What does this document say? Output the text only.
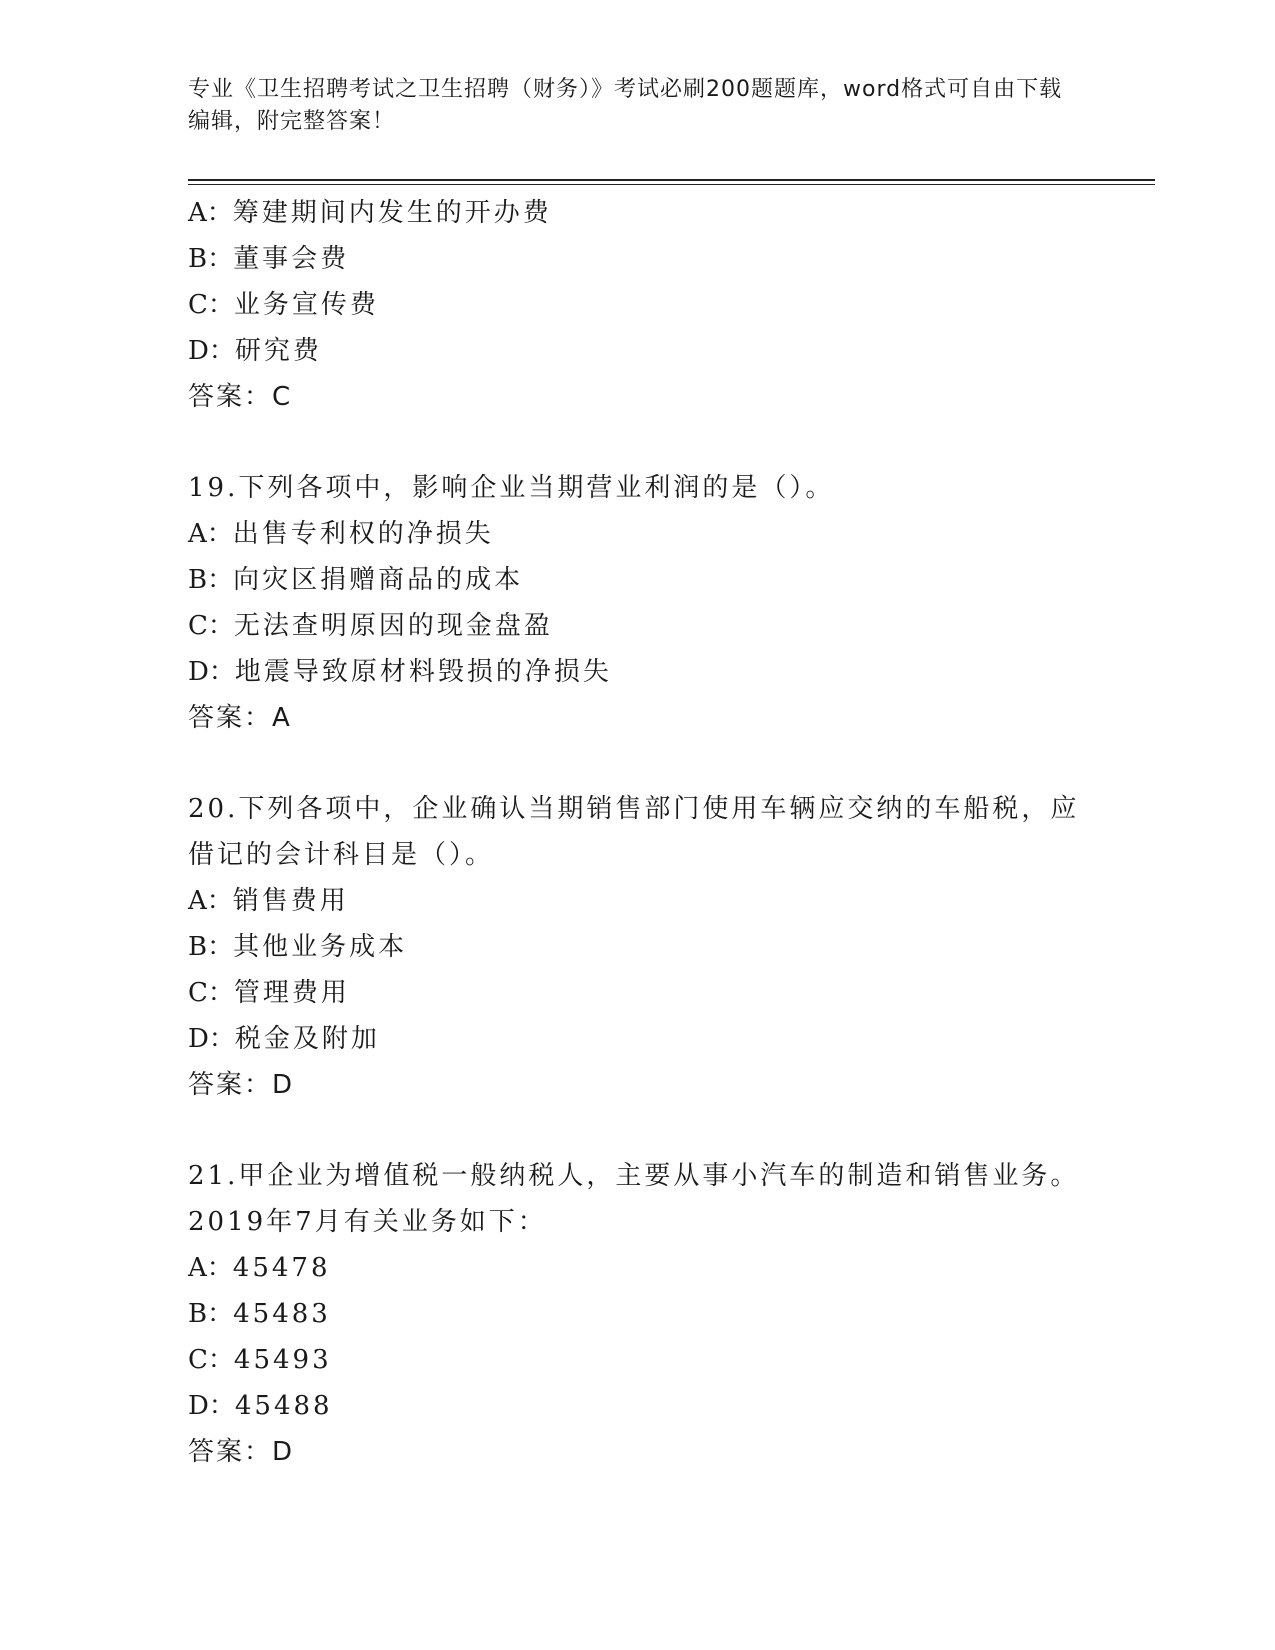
专业《卫生招聘考试之卫生招聘（财务）》考试必刷200题题库，word格式可自由下载编辑，附完整答案！
A：筹建期间内发生的开办费
B：董事会费
C：业务宣传费
D：研究费
答案：C
19.下列各项中，影响企业当期营业利润的是（）。
A：出售专利权的净损失
B：向灾区捐赠商品的成本
C：无法查明原因的现金盘盈
D：地震导致原材料毁损的净损失
答案：A
20.下列各项中，企业确认当期销售部门使用车辆应交纳的车船税，应借记的会计科目是（）。
A：销售费用
B：其他业务成本
C：管理费用
D：税金及附加
答案：D
21.甲企业为增值税一般纳税人，主要从事小汽车的制造和销售业务。2019年7月有关业务如下：
A：45478
B：45483
C：45493
D：45488
答案：D
